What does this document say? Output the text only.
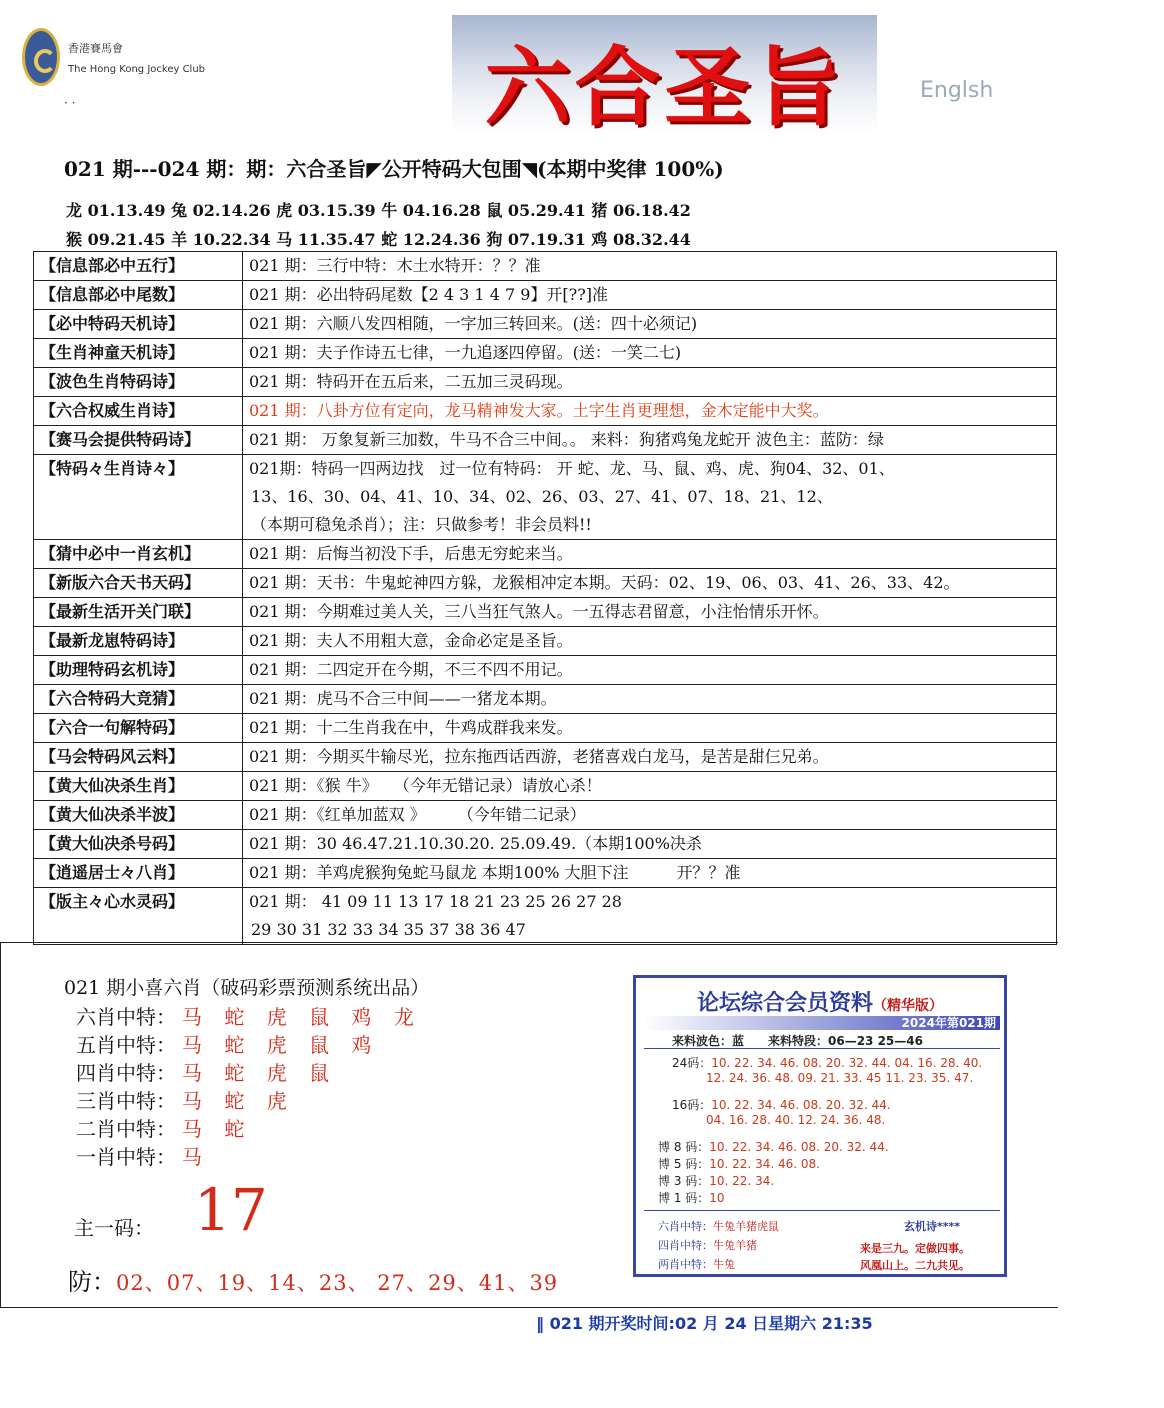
香港賽馬會
The Hong Kong Jockey Club
· ·	六合圣旨	Englsh
021 期---024 期：期：六合圣旨◤公开特码大包围◥(本期中奖律 100%)
龙 01.13.49 兔 02.14.26 虎 03.15.39 牛 04.16.28 鼠 05.29.41 猪 06.18.42
猴 09.21.45 羊 10.22.34 马 11.35.47 蛇 12.24.36 狗 07.19.31 鸡 08.32.44
【信息部必中五行】	021 期：三行中特：木土水特开：？？准

【信息部必中尾数】	021 期：必出特码尾数【2 4 3 1 4 7 9】开[??]准

【必中特码天机诗】	021 期：六顺八发四相随，一字加三转回来。(送：四十必须记)

【生肖神童天机诗】	021 期：夫子作诗五七律，一九追逐四停留。(送：一笑二七)

【波色生肖特码诗】	021 期：特码开在五后来，二五加三灵码现。

【六合权威生肖诗】	021 期：八卦方位有定向，龙马精神发大家。土字生肖更理想，金木定能中大奖。

【赛马会提供特码诗】	021 期： 万象复新三加数，牛马不合三中间。。 来料：狗猪鸡兔龙蛇开 波色主：蓝防：绿

【特码々生肖诗々】	021期：特码一四两边找　过一位有特码： 开 蛇、龙、马、鼠、鸡、虎、狗04、32、01、
13、16、30、04、41、10、34、02、26、03、27、41、07、18、21、12、
（本期可稳兔杀肖）；注：只做参考！非会员料!!

【猜中必中一肖玄机】	021 期：后悔当初没下手，后患无穷蛇来当。

【新版六合天书天码】	021 期：天书：牛鬼蛇神四方躲，龙猴相冲定本期。天码：02、19、06、03、41、26、33、42。

【最新生活开关门联】	021 期：今期难过美人关，三八当狂气煞人。一五得志君留意，小注怡情乐开怀。

【最新龙崽特码诗】	021 期：夫人不用粗大意，金命必定是圣旨。

【助理特码玄机诗】	021 期：二四定开在今期，不三不四不用记。

【六合特码大竞猜】	021 期：虎马不合三中间——一猪龙本期。

【六合一句解特码】	021 期：十二生肖我在中，牛鸡成群我来发。

【马会特码风云料】	021 期：今期买牛输尽光，拉东拖西话西游，老猪喜戏白龙马，是苦是甜仨兄弟。

【黄大仙决杀生肖】	021 期：《猴 牛》　　（今年无错记录）请放心杀！

【黄大仙决杀半波】	021 期：《红单加蓝双 》　　　（今年错二记录）

【黄大仙决杀号码】	021 期：30 46.47.21.10.30.20. 25.09.49.（本期100%决杀

【逍遥居士々八肖】	021 期：羊鸡虎猴狗兔蛇马鼠龙 本期100% 大胆下注　　　开？？准

【版主々心水灵码】	021 期： 41 09 11 13 17 18 21 23 25 26 27 28
29 30 31 32 33 34 35 37 38 36 47
021 期小喜六肖（破码彩票预测系统出品）
六肖中特： 马 蛇 虎 鼠 鸡 龙
五肖中特： 马 蛇 虎 鼠 鸡
四肖中特： 马 蛇 虎 鼠
三肖中特： 马 蛇 虎
二肖中特： 马 蛇
一肖中特： 马
主一码： 17
防：02、07、19、14、23、 27、29、41、39
论坛综合会员资料（精华版）
2024年第021期
来料波色：蓝　　来料特段：06—23 25—46
24码：10. 22. 34. 46. 08. 20. 32. 44. 04. 16. 28. 40.
12. 24. 36. 48. 09. 21. 33. 45 11. 23. 35. 47.
16码：10. 22. 34. 46. 08. 20. 32. 44.
04. 16. 28. 40. 12. 24. 36. 48.
博 8 码：10. 22. 34. 46. 08. 20. 32. 44.
博 5 码：10. 22. 34. 46. 08.
博 3 码：10. 22. 34.
博 1 码：10
六肖中特：牛兔羊猪虎鼠
四肖中特：牛兔羊猪
两肖中特：牛兔
玄机诗****
来是三九。定做四事。
风凰山上。二九共见。
‖ 021 期开奖时间:02 月 24 日星期六 21:35
